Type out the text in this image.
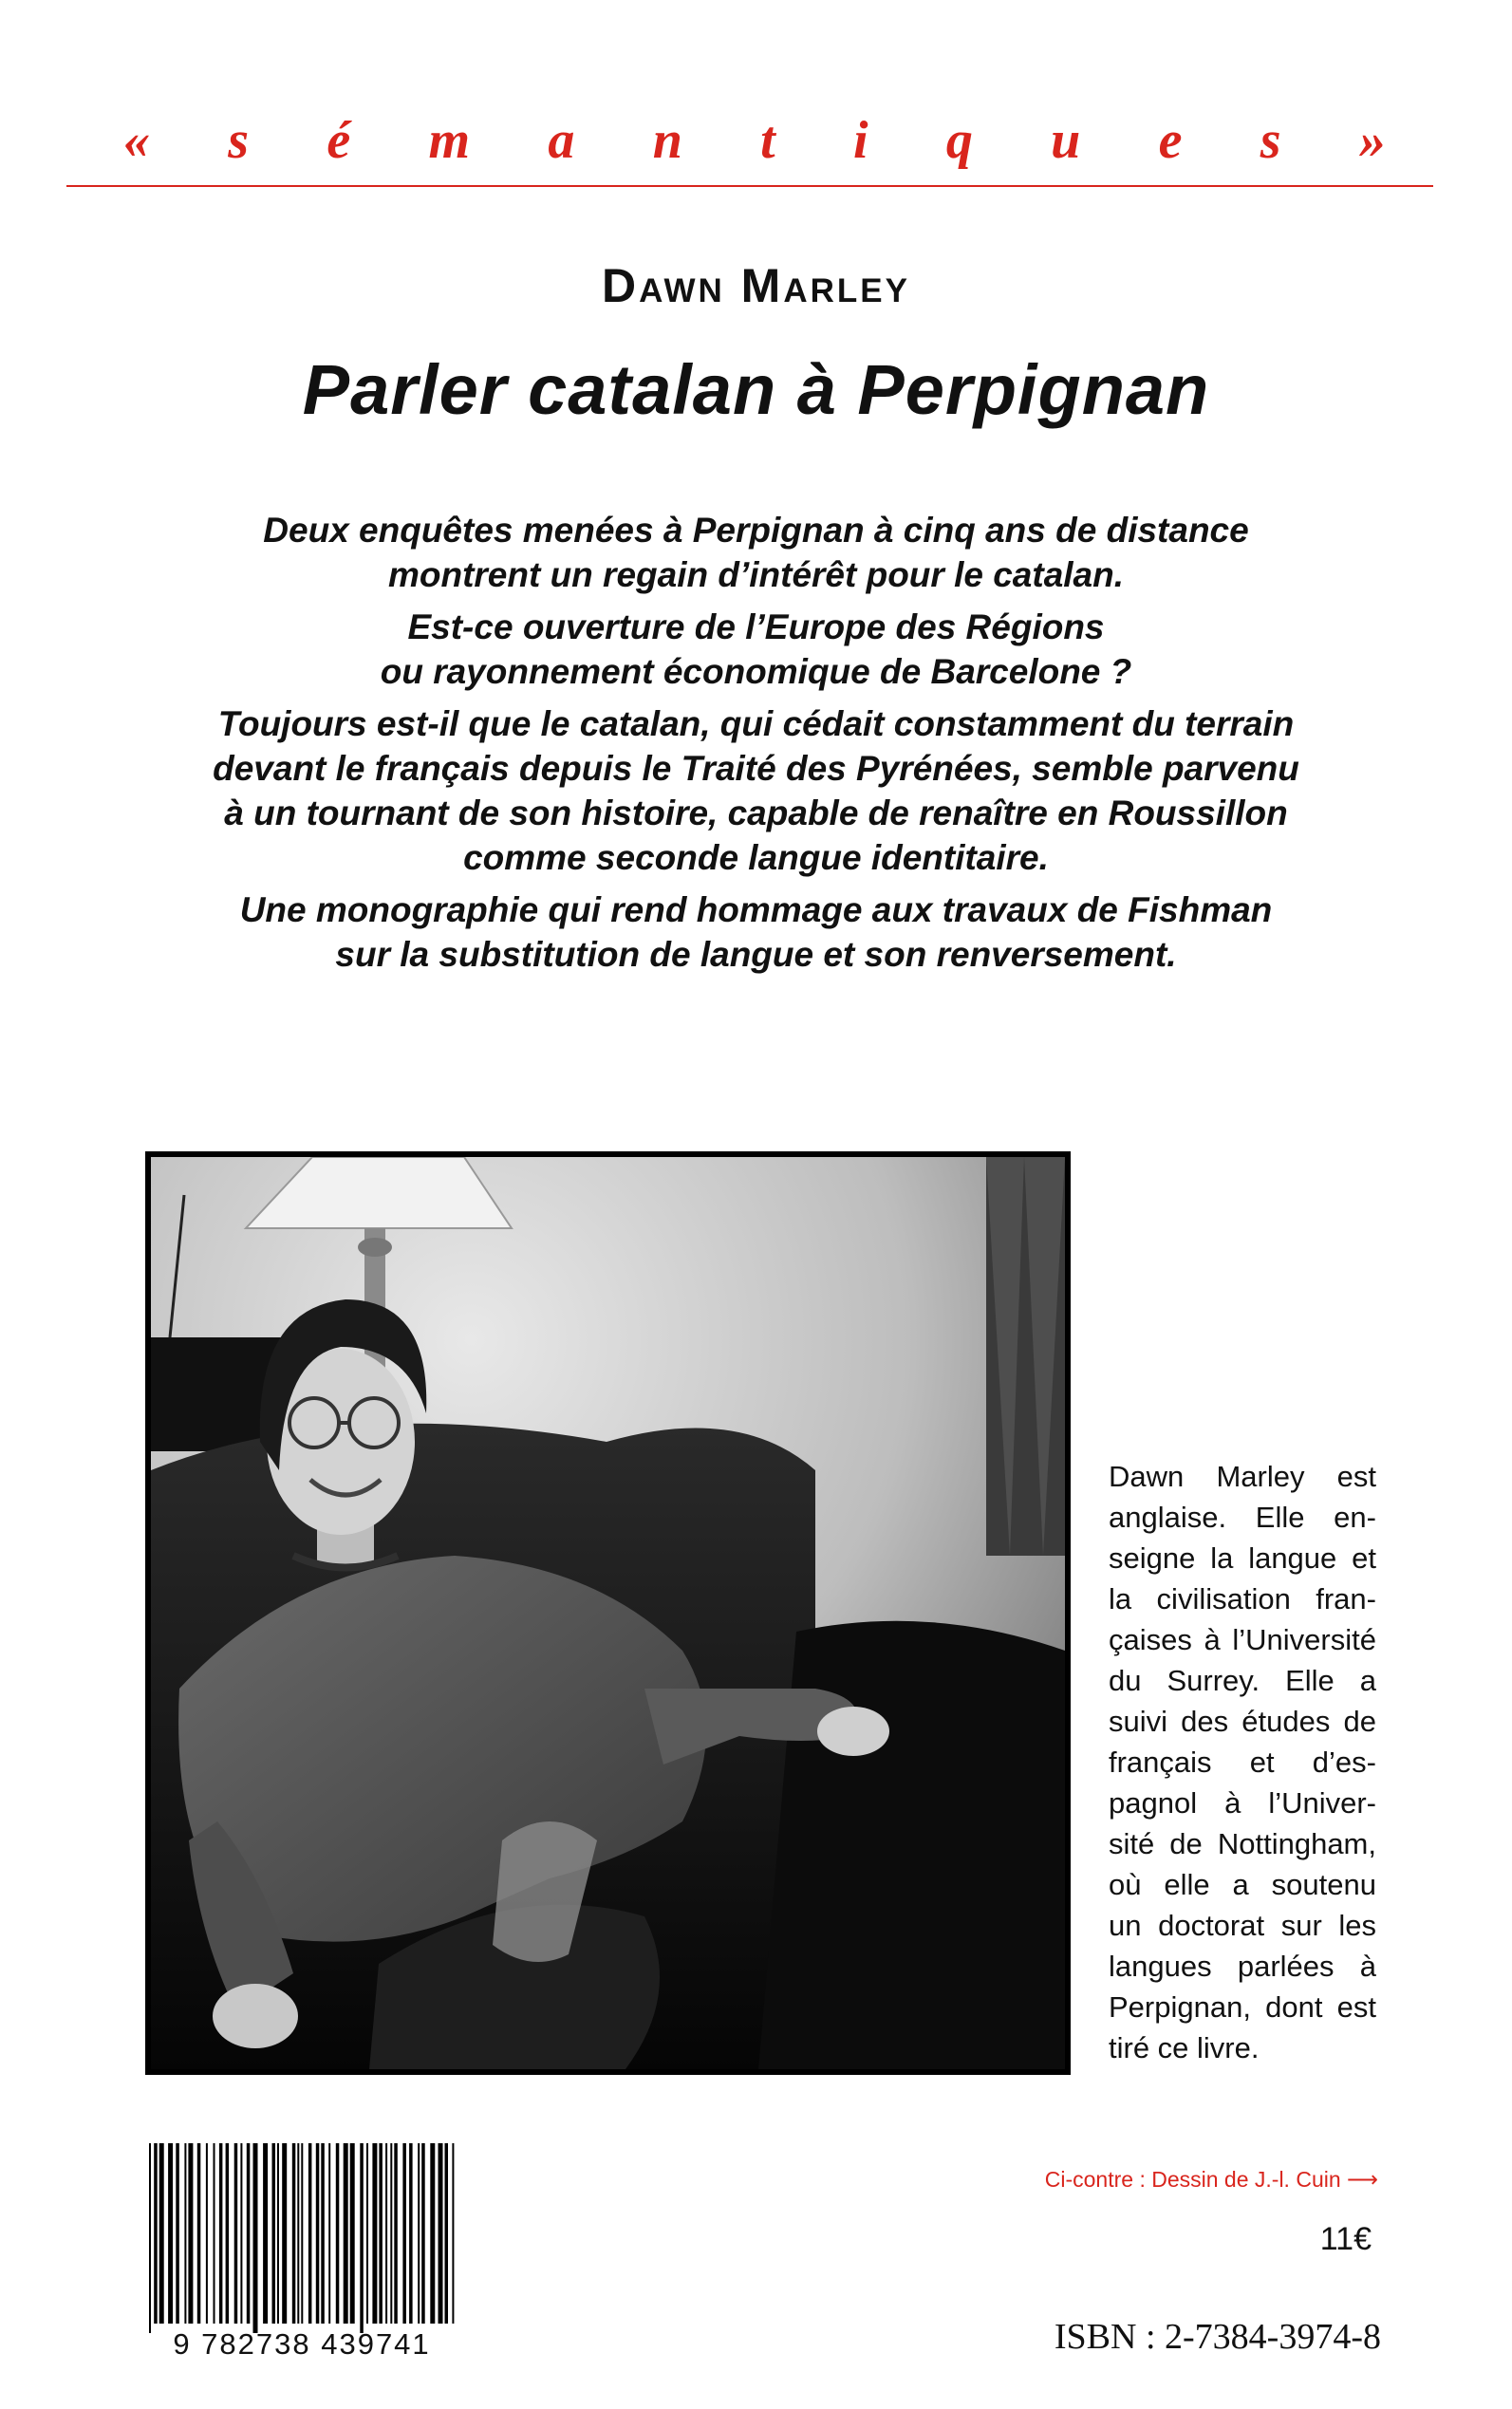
« s é m a n t i q u e s »
Dawn Marley
Parler catalan à Perpignan

Deux enquêtes menées à Perpignan à cinq ans de distance
montrent un regain d’intérêt pour le catalan.

Est-ce ouverture de l’Europe des Régions
ou rayonnement économique de Barcelone ?

Toujours est-il que le catalan, qui cédait constamment du terrain
devant le français depuis le Traité des Pyrénées, semble parvenu
à un tournant de son histoire, capable de renaître en Roussillon
comme seconde langue identitaire.

Une monographie qui rend hommage aux travaux de Fishman
sur la substitution de langue et son renversement.

Dawn Marley est
anglaise. Elle en-
seigne la langue et
la civilisation fran-
çaises à l’Université
du Surrey. Elle a
suivi des études de
français et d’es-
pagnol à l’Univer-
sité de Nottingham,
où elle a soutenu
un doctorat sur les
langues parlées à
Perpignan, dont est
tiré ce livre.
9 782738 439741
Ci-contre : Dessin de J.-l. Cuin ⟶
11€
ISBN : 2-7384-3974-8
